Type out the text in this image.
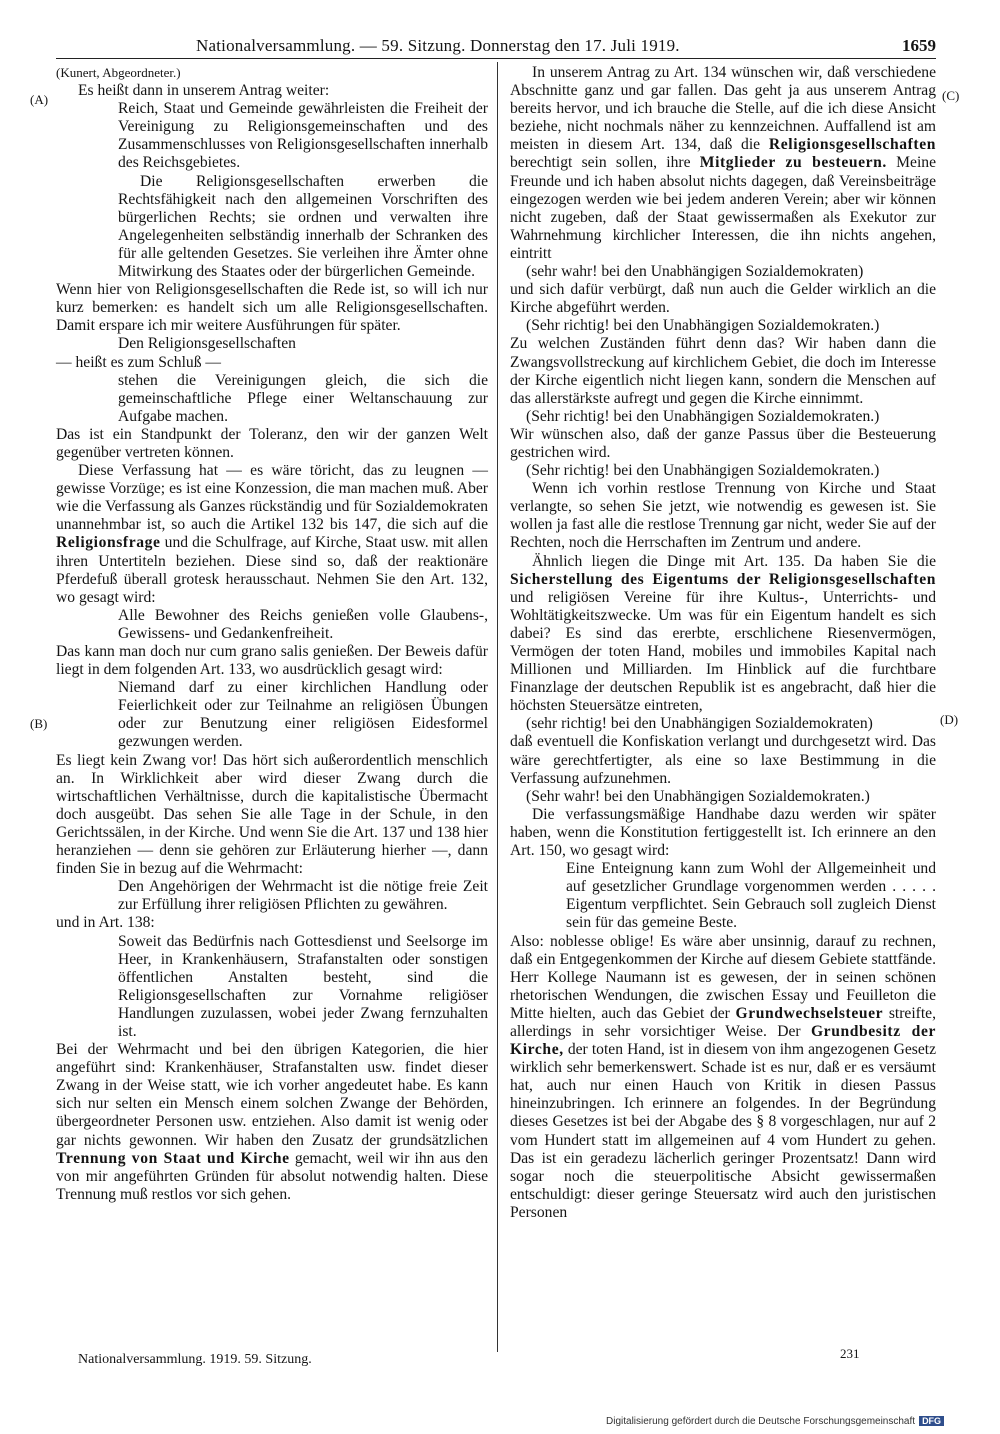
Nationalversammlung. — 59. Sitzung. Donnerstag den 17. Juli 1919.	1659
(A)
(B)
(C)
(D)

(Kunert, Abgeordneter.)

Es heißt dann in unserem Antrag weiter:

Reich, Staat und Gemeinde gewährleisten die Freiheit der Vereinigung zu Religionsgemeinschaften und des Zusammenschlusses von Religionsgesellschaften innerhalb des Reichsgebietes.

Die Religionsgesellschaften erwerben die Rechtsfähigkeit nach den allgemeinen Vorschriften des bürgerlichen Rechts; sie ordnen und verwalten ihre Angelegenheiten selbständig innerhalb der Schranken des für alle geltenden Gesetzes. Sie verleihen ihre Ämter ohne Mitwirkung des Staates oder der bürgerlichen Gemeinde.

Wenn hier von Religionsgesellschaften die Rede ist, so will ich nur kurz bemerken: es handelt sich um alle Religionsgesellschaften. Damit erspare ich mir weitere Ausführungen für später.

Den Religionsgesellschaften

— heißt es zum Schluß —

stehen die Vereinigungen gleich, die sich die gemeinschaftliche Pflege einer Weltanschauung zur Aufgabe machen.

Das ist ein Standpunkt der Toleranz, den wir der ganzen Welt gegenüber vertreten können.

Diese Verfassung hat — es wäre töricht, das zu leugnen — gewisse Vorzüge; es ist eine Konzession, die man machen muß. Aber wie die Verfassung als Ganzes rückständig und für Sozialdemokraten unannehmbar ist, so auch die Artikel 132 bis 147, die sich auf die Religionsfrage und die Schulfrage, auf Kirche, Staat usw. mit allen ihren Untertiteln beziehen. Diese sind so, daß der reaktionäre Pferdefuß überall grotesk herausschaut. Nehmen Sie den Art. 132, wo gesagt wird:

Alle Bewohner des Reichs genießen volle Glaubens-, Gewissens- und Gedankenfreiheit.

Das kann man doch nur cum grano salis genießen. Der Beweis dafür liegt in dem folgenden Art. 133, wo ausdrücklich gesagt wird:

Niemand darf zu einer kirchlichen Handlung oder Feierlichkeit oder zur Teilnahme an religiösen Übungen oder zur Benutzung einer religiösen Eidesformel gezwungen werden.

Es liegt kein Zwang vor! Das hört sich außerordentlich menschlich an. In Wirklichkeit aber wird dieser Zwang durch die wirtschaftlichen Verhältnisse, durch die kapitalistische Übermacht doch ausgeübt. Das sehen Sie alle Tage in der Schule, in den Gerichtssälen, in der Kirche. Und wenn Sie die Art. 137 und 138 hier heranziehen — denn sie gehören zur Erläuterung hierher —, dann finden Sie in bezug auf die Wehrmacht:

Den Angehörigen der Wehrmacht ist die nötige freie Zeit zur Erfüllung ihrer religiösen Pflichten zu gewähren.

und in Art. 138:

Soweit das Bedürfnis nach Gottesdienst und Seelsorge im Heer, in Krankenhäusern, Strafanstalten oder sonstigen öffentlichen Anstalten besteht, sind die Religionsgesellschaften zur Vornahme religiöser Handlungen zuzulassen, wobei jeder Zwang fernzuhalten ist.

Bei der Wehrmacht und bei den übrigen Kategorien, die hier angeführt sind: Krankenhäuser, Strafanstalten usw. findet dieser Zwang in der Weise statt, wie ich vorher angedeutet habe. Es kann sich nur selten ein Mensch einem solchen Zwange der Behörden, übergeordneter Personen usw. entziehen. Also damit ist wenig oder gar nichts gewonnen. Wir haben den Zusatz der grundsätzlichen Trennung von Staat und Kirche gemacht, weil wir ihn aus den von mir angeführten Gründen für absolut notwendig halten. Diese Trennung muß restlos vor sich gehen.

In unserem Antrag zu Art. 134 wünschen wir, daß verschiedene Abschnitte ganz und gar fallen. Das geht ja aus unserem Antrag bereits hervor, und ich brauche die Stelle, auf die ich diese Ansicht beziehe, nicht nochmals näher zu kennzeichnen. Auffallend ist am meisten in diesem Art. 134, daß die Religionsgesellschaften berechtigt sein sollen, ihre Mitglieder zu besteuern. Meine Freunde und ich haben absolut nichts dagegen, daß Vereinsbeiträge eingezogen werden wie bei jedem anderen Verein; aber wir können nicht zugeben, daß der Staat gewissermaßen als Exekutor zur Wahrnehmung kirchlicher Interessen, die ihn nichts angehen, eintritt

(sehr wahr! bei den Unabhängigen Sozialdemokraten)

und sich dafür verbürgt, daß nun auch die Gelder wirklich an die Kirche abgeführt werden.

(Sehr richtig! bei den Unabhängigen Sozialdemokraten.)

Zu welchen Zuständen führt denn das? Wir haben dann die Zwangsvollstreckung auf kirchlichem Gebiet, die doch im Interesse der Kirche eigentlich nicht liegen kann, sondern die Menschen auf das allerstärkste aufregt und gegen die Kirche einnimmt.

(Sehr richtig! bei den Unabhängigen Sozialdemokraten.)

Wir wünschen also, daß der ganze Passus über die Besteuerung gestrichen wird.

(Sehr richtig! bei den Unabhängigen Sozialdemokraten.)

Wenn ich vorhin restlose Trennung von Kirche und Staat verlangte, so sehen Sie jetzt, wie notwendig es gewesen ist. Sie wollen ja fast alle die restlose Trennung gar nicht, weder Sie auf der Rechten, noch die Herrschaften im Zentrum und andere.

Ähnlich liegen die Dinge mit Art. 135. Da haben Sie die Sicherstellung des Eigentums der Religionsgesellschaften und religiösen Vereine für ihre Kultus-, Unterrichts- und Wohltätigkeitszwecke. Um was für ein Eigentum handelt es sich dabei? Es sind das ererbte, erschlichene Riesenvermögen, Vermögen der toten Hand, mobiles und immobiles Kapital nach Millionen und Milliarden. Im Hinblick auf die furchtbare Finanzlage der deutschen Republik ist es angebracht, daß hier die höchsten Steuersätze eintreten,

(sehr richtig! bei den Unabhängigen Sozialdemokraten)

daß eventuell die Konfiskation verlangt und durchgesetzt wird. Das wäre gerechtfertigter, als eine so laxe Bestimmung in die Verfassung aufzunehmen.

(Sehr wahr! bei den Unabhängigen Sozialdemokraten.)

Die verfassungsmäßige Handhabe dazu werden wir später haben, wenn die Konstitution fertiggestellt ist. Ich erinnere an den Art. 150, wo gesagt wird:

Eine Enteignung kann zum Wohl der Allgemeinheit und auf gesetzlicher Grundlage vorgenommen werden . . . . . Eigentum verpflichtet. Sein Gebrauch soll zugleich Dienst sein für das gemeine Beste.

Also: noblesse oblige! Es wäre aber unsinnig, darauf zu rechnen, daß ein Entgegenkommen der Kirche auf diesem Gebiete stattfände. Herr Kollege Naumann ist es gewesen, der in seinen schönen rhetorischen Wendungen, die zwischen Essay und Feuilleton die Mitte hielten, auch das Gebiet der Grundwechselsteuer streifte, allerdings in sehr vorsichtiger Weise. Der Grundbesitz der Kirche, der toten Hand, ist in diesem von ihm angezogenen Gesetz wirklich sehr bemerkenswert. Schade ist es nur, daß er es versäumt hat, auch nur einen Hauch von Kritik in diesen Passus hineinzubringen. Ich erinnere an folgendes. In der Begründung dieses Gesetzes ist bei der Abgabe des § 8 vorgeschlagen, nur auf 2 vom Hundert statt im allgemeinen auf 4 vom Hundert zu gehen. Das ist ein geradezu lächerlich geringer Prozentsatz! Dann wird sogar noch die steuerpolitische Absicht gewissermaßen entschuldigt: dieser geringe Steuersatz wird auch den juristischen Personen

Nationalversammlung. 1919. 59. Sitzung.	231
Digitalisierung gefördert durch die Deutsche Forschungsgemeinschaft DFG
